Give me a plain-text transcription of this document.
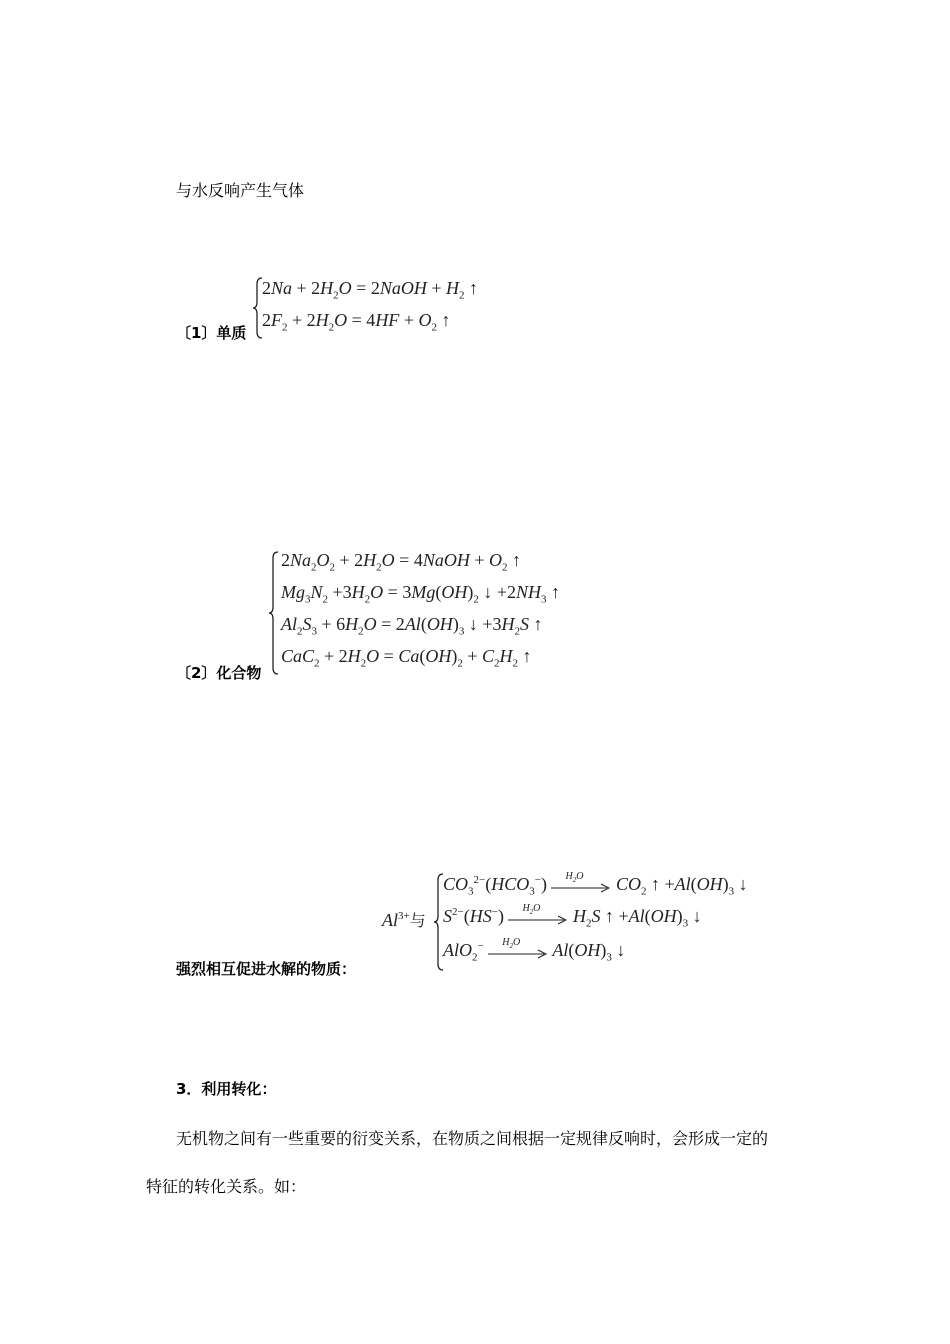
与水反响产生气体
〔1〕单质
$2Na + 2H_2O$ = 2NaOH + $H_2$ ↑
$2F_2 + 2H_2O = 4HF + O_2$ ↑
〔2〕化合物
$2Na_2O_2 + 2H_2O$ = 4NaOH + $O_2$ ↑
$Mg_3N_2 +3H_2O = 3Mg(OH)_2$ ↓ $+2NH_3$ ↑
$Al_2S_3 + 6H_2O = 2Al(OH)_3$ ↓ $+3H_2S$ ↑
$CaC_2 + 2H_2O = Ca(OH)_2 + C_2H_2$ ↑
强烈相互促进水解的物质：
$Al^{3+}$与
$CO_3^{2-}(HCO_3^-)$ $H_2O$ $CO_2$ ↑ $+Al(OH)_3$ ↓
$S^{2-}(HS^-)$ $H_2O$ $H_2S$ ↑ $+Al(OH)_3$ ↓
AlO$_2$− $H_2O$ $Al(OH)_3$ ↓
3．利用转化：
无机物之间有一些重要的衍变关系，在物质之间根据一定规律反响时，会形成一定的
特征的转化关系。如：
